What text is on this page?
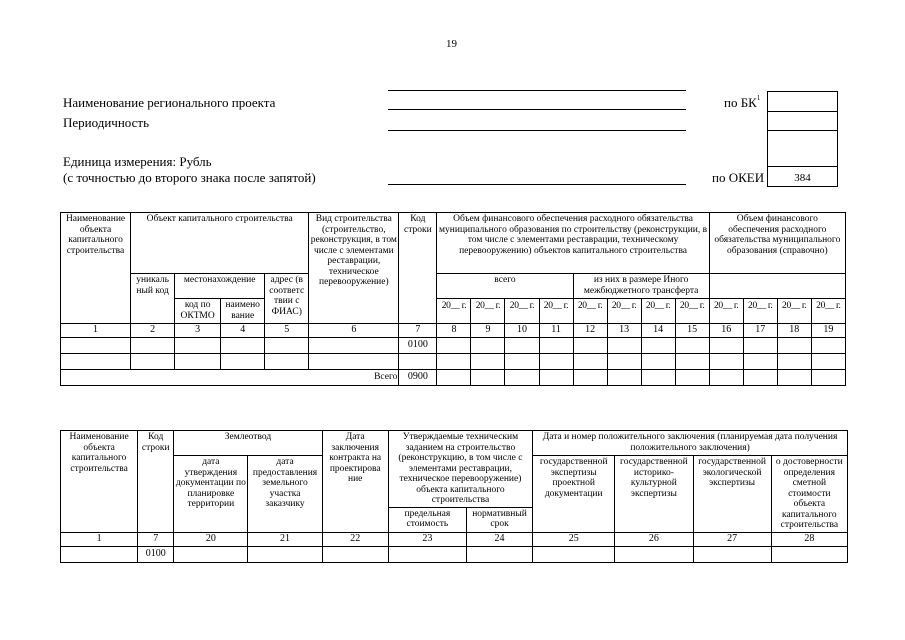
19
Наименование регионального проекта
Периодичность
Единица измерения: Рубль
(с точностью до второго знака после запятой)
по $БК^1$
по ОКЕИ	384
Наименование объекта капитального строительства	Объект капитального строительства				Вид строительства (строительство, реконструкция, в том числе с элементами реставрации, техническое перевооружение)	Код строки	Объем финансового обеспечения расходного обязательства муниципального образования по строительству (реконструкции, в том числе с элементами реставрации, техническому перевооружению) объектов капитального строительства								Объем финансового обеспечения расходного обязательства муниципального образования (справочно)			
	уникаль ный код	местонахождение		адрес (в соответс твии с ФИАС)			всего				из них в размере Иного межбюджетного трансферта							
		код по ОКТМО	наимено вание				20__ г.	20__ г.	20__ г.	20__ г.	20__ г.	20__ г.	20__ г.	20__ г.	20__ г.	20__ г.	20__ г.	20__ г.
1	2	3	4	5	6	7	8	9	10	11	12	13	14	15	16	17	18	19
						0100												

Всего						0900												
Наименование объекта капитального строительства	Код строки	Землеотвод		Дата заключения контракта на проектирова ние	Утверждаемые техническим заданием на строительство (реконструкцию, в том числе с элементами реставрации, техническое перевооружение) объекта капитального строительства		Дата и номер положительного заключения (планируемая дата получения положительного заключения)			
		дата утверждения документации по планировке территории	дата предоставления земельного участка заказчику				государственной экспертизы проектной документации	государственной историко-культурной экспертизы	государственной экологической экспертизы	о достоверности определения сметной стоимости объекта капитального строительства
					предельная стоимость	нормативный срок				
1	7	20	21	22	23	24	25	26	27	28
	0100									
